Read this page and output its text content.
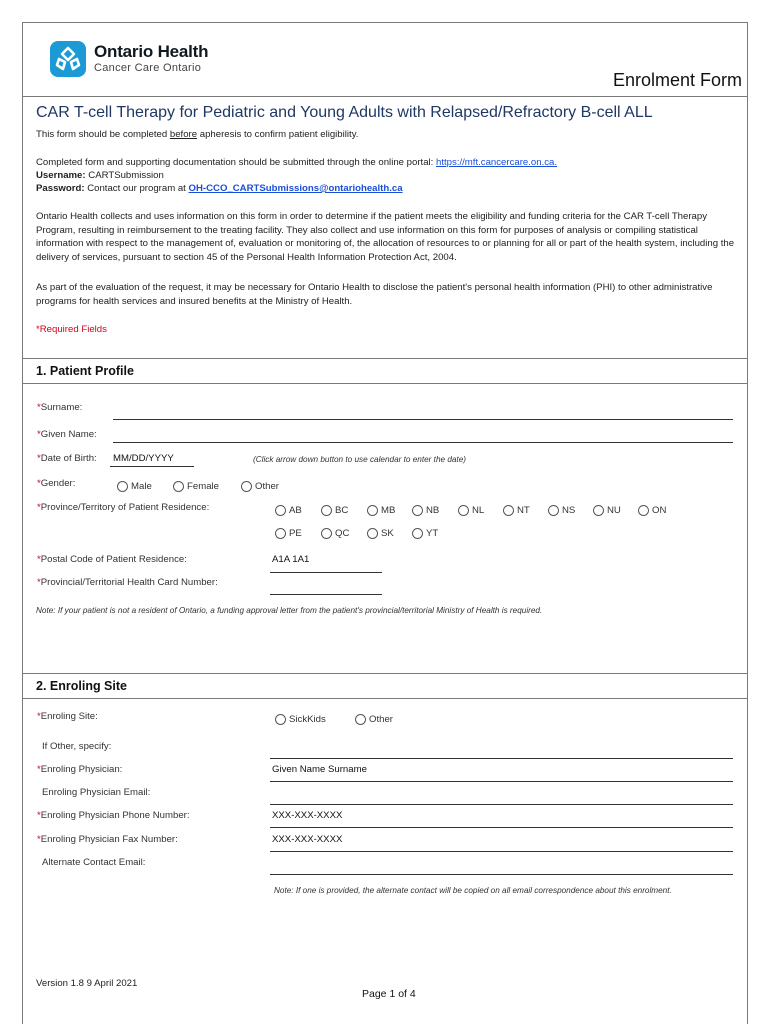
Ontario Health
Cancer Care Ontario
Enrolment Form
CAR T-cell Therapy for Pediatric and Young Adults with Relapsed/Refractory B-cell ALL
This form should be completed before apheresis to confirm patient eligibility.
Completed form and supporting documentation should be submitted through the online portal: https://mft.cancercare.on.ca.
Username: CARTSubmission
Password: Contact our program at OH-CCO_CARTSubmissions@ontariohealth.ca
Ontario Health collects and uses information on this form in order to determine if the patient meets the eligibility and funding criteria for the CAR T-cell Therapy Program, resulting in reimbursement to the treating facility. They also collect and use information on this form for purposes of analysis or compiling statistical information with respect to the management of, evaluation or monitoring of, the allocation of resources to or planning for all or part of the health system, including the delivery of services, pursuant to section 45 of the Personal Health Information Protection Act, 2004.
As part of the evaluation of the request, it may be necessary for Ontario Health to disclose the patient's personal health information (PHI) to other administrative programs for health services and insured benefits at the Ministry of Health.
*Required Fields
1. Patient Profile
*Surname:
*Given Name:
*Date of Birth: MM/DD/YYYY	(Click arrow down button to use calendar to enter the date)
*Gender:	Male	Female	Other
*Province/Territory of Patient Residence:	AB	BC	MB	NB	NL	NT	NS	NU	ON
PE	QC	SK	YT
*Postal Code of Patient Residence:	A1A 1A1
*Provincial/Territorial Health Card Number:
Note: If your patient is not a resident of Ontario, a funding approval letter from the patient's provincial/territorial Ministry of Health is required.
2. Enroling Site
*Enroling Site:	SickKids	Other
If Other, specify:
*Enroling Physician:	Given Name Surname
Enroling Physician Email:
*Enroling Physician Phone Number:	XXX-XXX-XXXX
*Enroling Physician Fax Number:	XXX-XXX-XXXX
Alternate Contact Email:
Note: If one is provided, the alternate contact will be copied on all email correspondence about this enrolment.
Version 1.8 9 April 2021
Page 1 of 4
